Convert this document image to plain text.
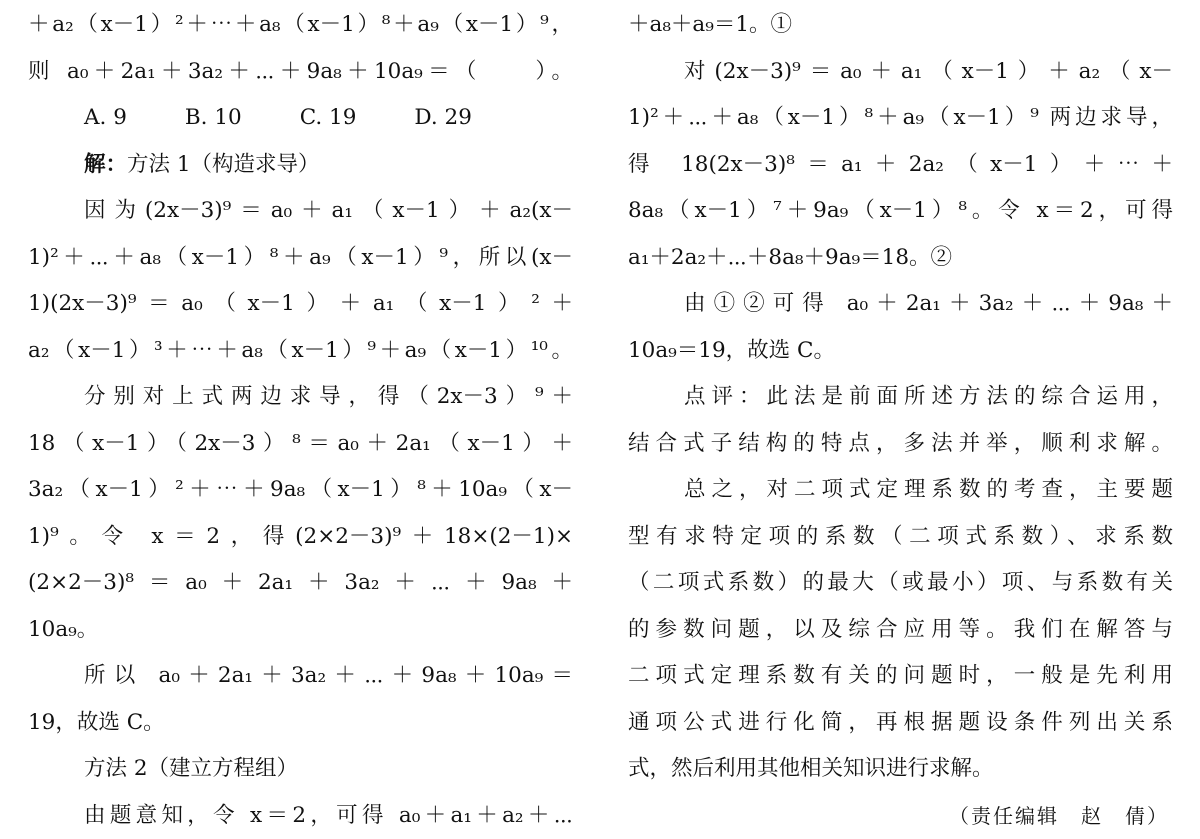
＋a₂（x－1）²＋⋯＋a₈（x－1）⁸＋a₉（x－1）⁹，
则 a₀＋2a₁＋3a₂＋⋯＋9a₈＋10a₉＝（　　）。
A. 9	B. 10	C. 19	D. 29
解：方法 1（构造求导）
因为(2x－3)⁹＝a₀＋a₁（x－1）＋a₂(x－
1)²＋⋯＋a₈（x－1）⁸＋a₉（x－1）⁹，所以(x－
1)(2x－3)⁹＝a₀（x－1）＋a₁（x－1）²＋
a₂（x－1）³＋⋯＋a₈（x－1）⁹＋a₉（x－1）¹⁰。
分别对上式两边求导，得（2x－3）⁹＋
18（x－1）（2x－3）⁸＝a₀＋2a₁（x－1）＋
3a₂（x－1）²＋⋯＋9a₈（x－1）⁸＋10a₉（x－
1)⁹。令 x＝2，得(2×2－3)⁹＋18×(2－1)×
(2×2－3)⁸＝a₀＋2a₁＋3a₂＋⋯＋9a₈＋
10a₉。
所以 a₀＋2a₁＋3a₂＋⋯＋9a₈＋10a₉＝
19，故选 C。
方法 2（建立方程组）
由题意知，令 x＝2，可得 a₀＋a₁＋a₂＋⋯
＋a₈＋a₉＝1。①
对(2x－3)⁹＝a₀＋a₁（x－1）＋a₂（x－
1)²＋⋯＋a₈（x－1）⁸＋a₉（x－1）⁹ 两边求导，
得 18(2x－3)⁸＝a₁＋2a₂（x－1）＋⋯＋
8a₈（x－1）⁷＋9a₉（x－1）⁸。令 x＝2，可得
a₁＋2a₂＋⋯＋8a₈＋9a₉＝18。②
由①②可得 a₀＋2a₁＋3a₂＋⋯＋9a₈＋
10a₉＝19，故选 C。
点评：此法是前面所述方法的综合运用，
结合式子结构的特点，多法并举，顺利求解。
总之，对二项式定理系数的考查，主要题
型有求特定项的系数（二项式系数）、求系数
（二项式系数）的最大（或最小）项、与系数有关
的参数问题，以及综合应用等。我们在解答与
二项式定理系数有关的问题时，一般是先利用
通项公式进行化简，再根据题设条件列出关系
式，然后利用其他相关知识进行求解。
（责任编辑　赵　倩）
